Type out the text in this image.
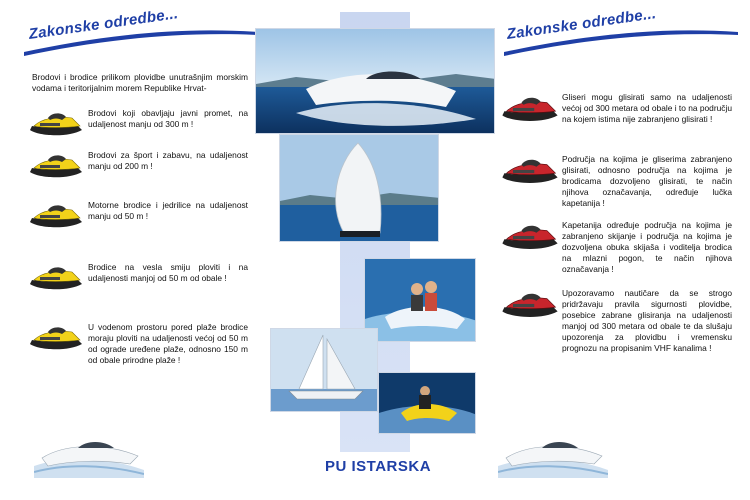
Zakonske odredbe...
Brodovi i brodice prilikom plovidbe unutrašnjim morskim vodama i teritorijalnim morem Republike Hrvat-
Brodovi koji obavljaju javni promet, na udaljenost manju od 300 m !
Brodovi za šport i zabavu, na udaljenost manju od 200 m !
Motorne brodice i jedrilice na udaljenost manju od 50 m !
Brodice na vesla smiju ploviti i na udaljenosti manjoj od 50 m od obale !
U vodenom prostoru pored plaže brodice moraju ploviti na udaljenosti većoj od 50 m od ograde uređene plaže, odnosno 150 m od obale prirodne plaže !
Zakonske odredbe...
Gliseri mogu glisirati samo na udaljenosti većoj od 300 metara od obale i to na području na kojem istima nije zabranjeno glisirati !
Područja na kojima je gliserima zabranjeno glisirati, odnosno područja na kojima je brodicama dozvoljeno glisirati, te način njihova označavanja, određuje lučka kapetanija !
Kapetanija određuje područja na kojima je zabranjeno skijanje i područja na kojima je dozvoljena obuka skijaša i voditelja brodica na mlazni pogon, te način njihova označavanja !
Upozoravamo nautičare da se strogo pridržavaju pravila sigurnosti plovidbe, posebice zabrane glisiranja na udaljenosti manjoj od 300 metara od obale te da slušaju upozorenja za plovidbu i vremensku prognozu na propisanim VHF kanalima !
PU ISTARSKA
